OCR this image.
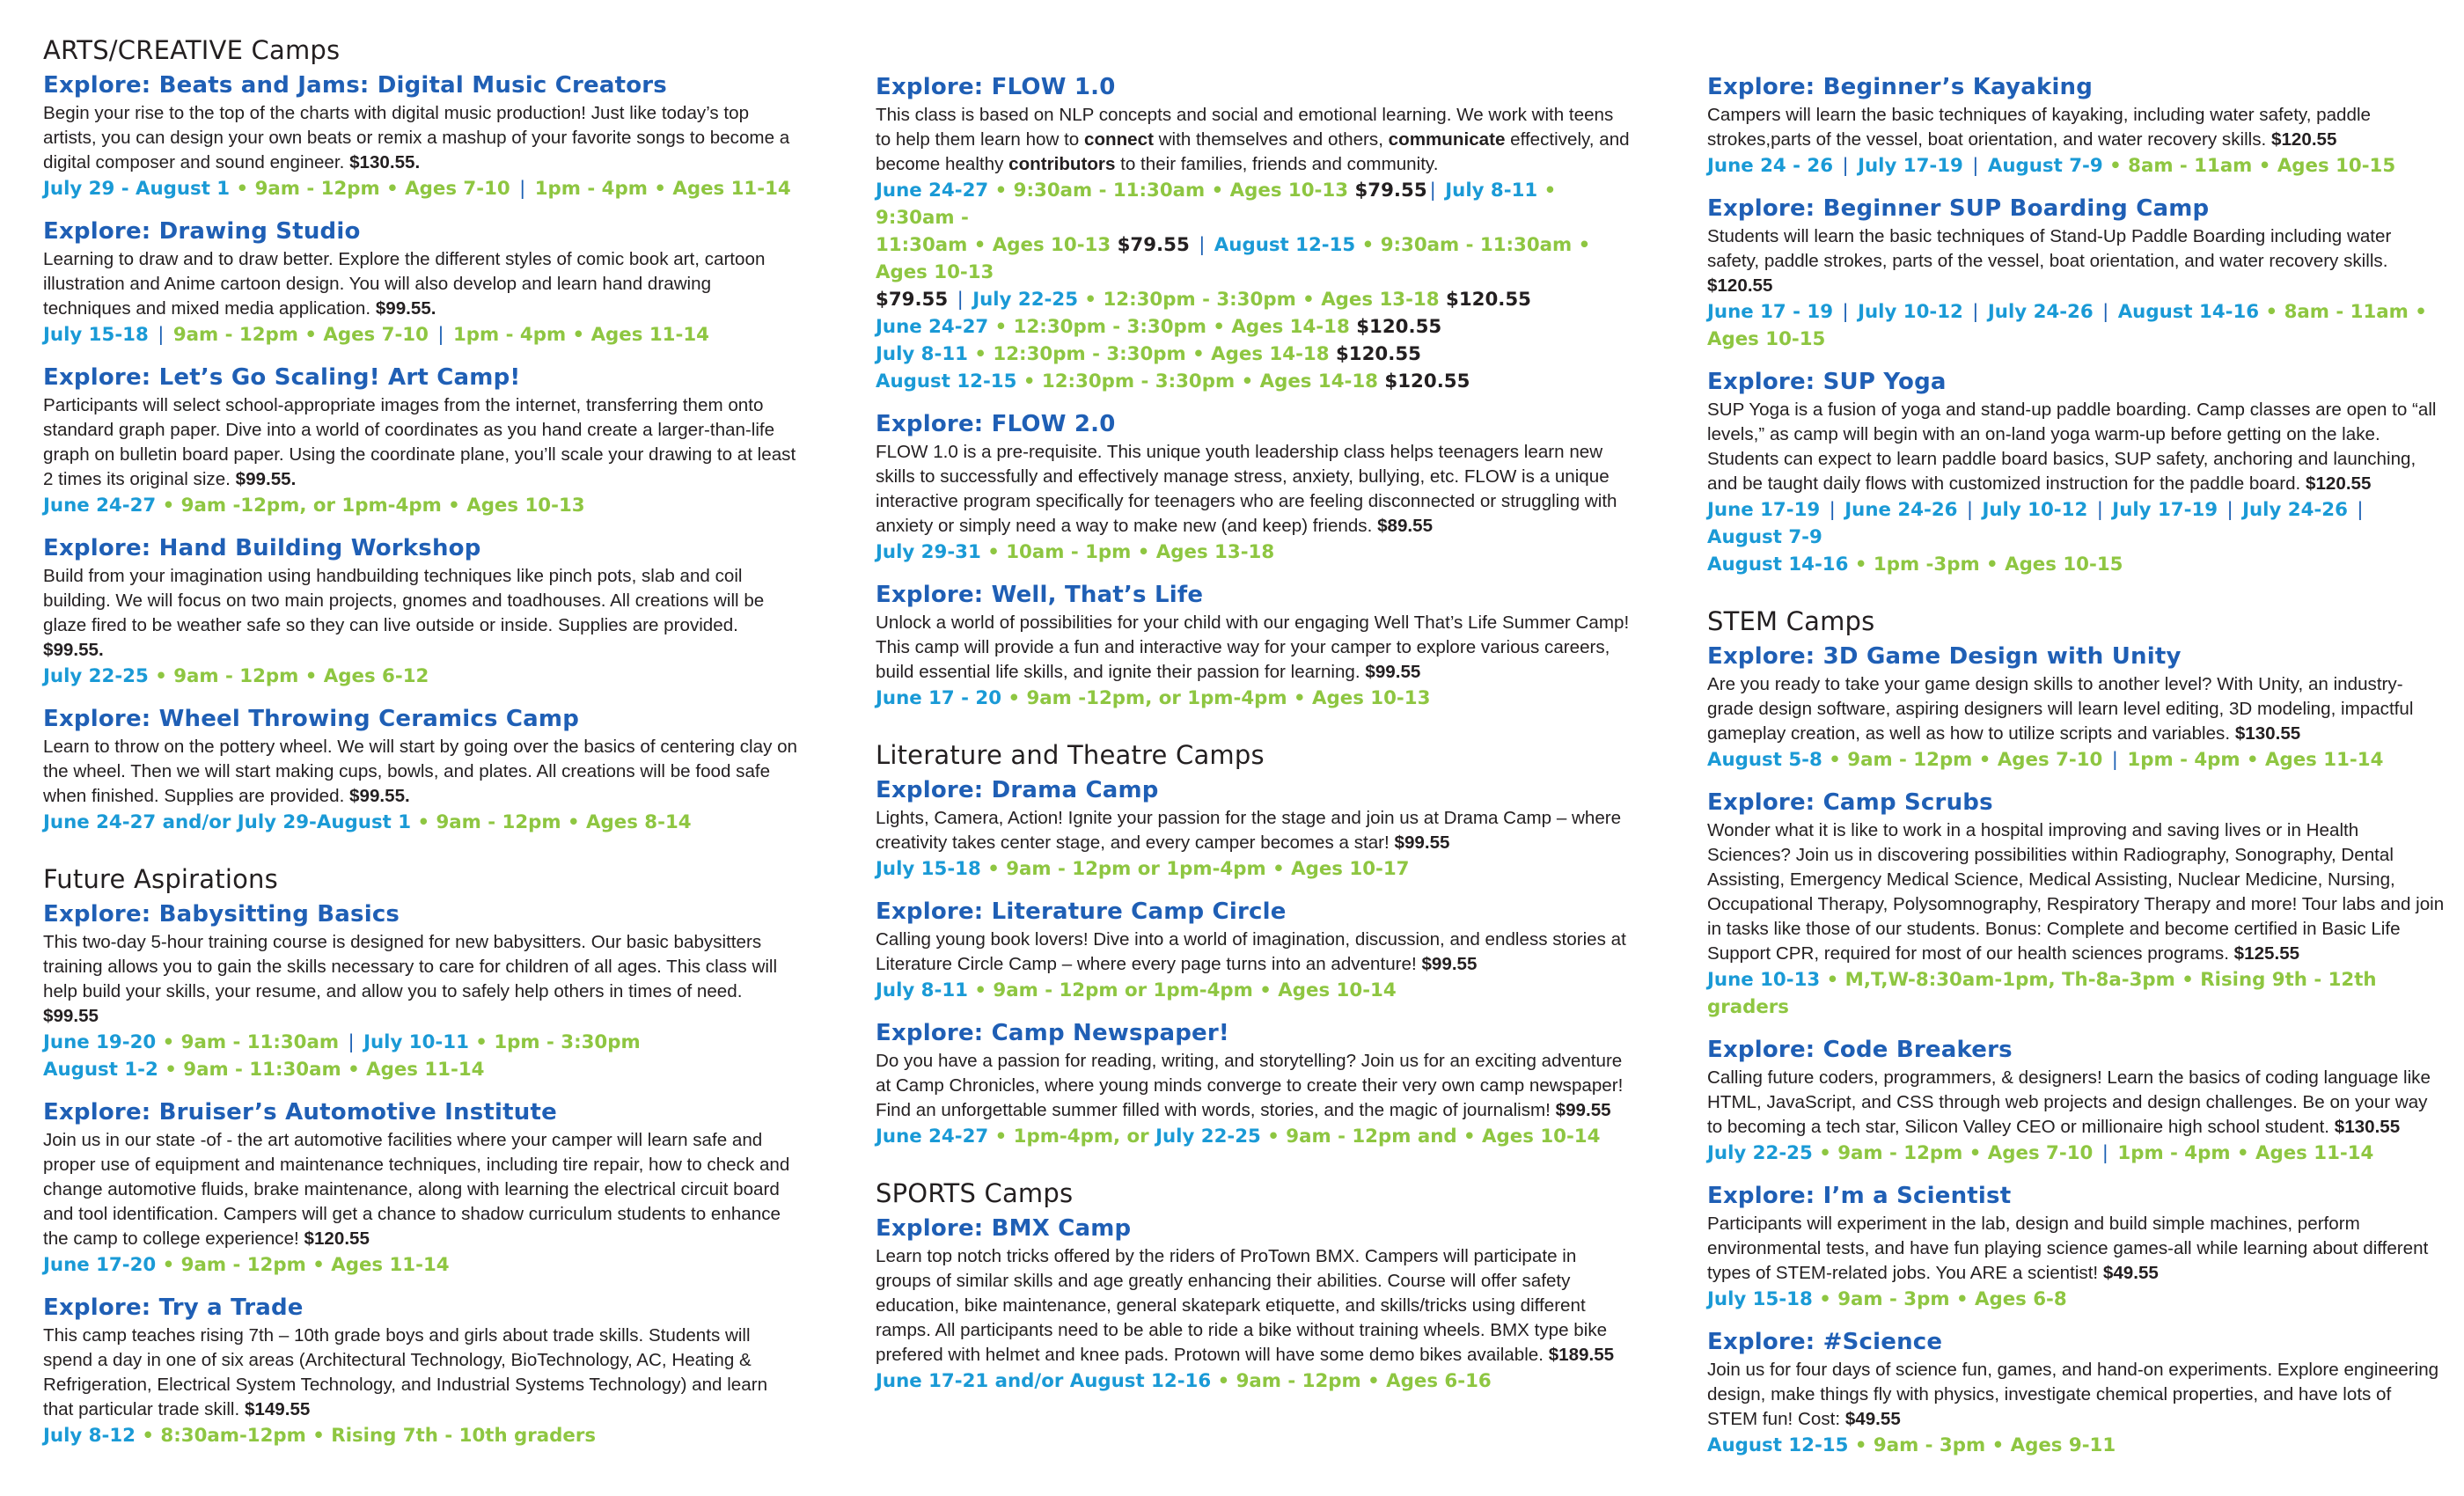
ARTS/CREATIVE Camps
Explore: Beats and Jams: Digital Music Creators

Begin your rise to the top of the charts with digital music production! Just like today’s top artists, you can design your own beats or remix a mashup of your favorite songs to become a digital composer and sound engineer. $130.55.

July 29 - August 1 • 9am - 12pm • Ages 7-10 | 1pm - 4pm • Ages 11-14
Explore: Drawing Studio

Learning to draw and to draw better. Explore the different styles of comic book art, cartoon illustration and Anime cartoon design. You will also develop and learn hand drawing techniques and mixed media application. $99.55.

July 15-18 | 9am - 12pm • Ages 7-10 | 1pm - 4pm • Ages 11-14
Explore: Let’s Go Scaling! Art Camp!

Participants will select school-appropriate images from the internet, transferring them onto standard graph paper. Dive into a world of coordinates as you hand create a larger-than-life graph on bulletin board paper. Using the coordinate plane, you’ll scale your drawing to at least 2 times its original size. $99.55.

June 24-27 • 9am -12pm, or 1pm-4pm • Ages 10-13
Explore: Hand Building Workshop

Build from your imagination using handbuilding techniques like pinch pots, slab and coil building. We will focus on two main projects, gnomes and toadhouses. All creations will be glaze fired to be weather safe so they can live outside or inside. Supplies are provided. $99.55.

July 22-25 • 9am - 12pm • Ages 6-12
Explore: Wheel Throwing Ceramics Camp

Learn to throw on the pottery wheel. We will start by going over the basics of centering clay on the wheel. Then we will start making cups, bowls, and plates. All creations will be food safe when finished. Supplies are provided. $99.55.

June 24-27 and/or July 29-August 1 • 9am - 12pm • Ages 8-14
Future Aspirations
Explore: Babysitting Basics

This two-day 5-hour training course is designed for new babysitters. Our basic babysitters training allows you to gain the skills necessary to care for children of all ages. This class will help build your skills, your resume, and allow you to safely help others in times of need. $99.55

June 19-20 • 9am - 11:30am | July 10-11 • 1pm - 3:30pm
August 1-2 • 9am - 11:30am • Ages 11-14
Explore: Bruiser’s Automotive Institute

Join us in our state -of - the art automotive facilities where your camper will learn safe and proper use of equipment and maintenance techniques, including tire repair, how to check and change automotive fluids, brake maintenance, along with learning the electrical circuit board and tool identification. Campers will get a chance to shadow curriculum students to enhance the camp to college experience! $120.55

June 17-20 • 9am - 12pm • Ages 11-14
Explore: Try a Trade

This camp teaches rising 7th – 10th grade boys and girls about trade skills. Students will spend a day in one of six areas (Architectural Technology, BioTechnology, AC, Heating & Refrigeration, Electrical System Technology, and Industrial Systems Technology) and learn that particular trade skill. $149.55

July 8-12 • 8:30am-12pm • Rising 7th - 10th graders
Explore: FLOW 1.0

This class is based on NLP concepts and social and emotional learning. We work with teens to help them learn how to connect with themselves and others, communicate effectively, and become healthy contributors to their families, friends and community.

June 24-27 • 9:30am - 11:30am • Ages 10-13 $79.55 | July 8-11 • 9:30am -
11:30am • Ages 10-13 $79.55 | August 12-15 • 9:30am - 11:30am • Ages 10-13
$79.55 | July 22-25 • 12:30pm - 3:30pm • Ages 13-18 $120.55
June 24-27 • 12:30pm - 3:30pm • Ages 14-18 $120.55
July 8-11 • 12:30pm - 3:30pm • Ages 14-18 $120.55
August 12-15 • 12:30pm - 3:30pm • Ages 14-18 $120.55
Explore: FLOW 2.0

FLOW 1.0 is a pre-requisite. This unique youth leadership class helps teenagers learn new skills to successfully and effectively manage stress, anxiety, bullying, etc. FLOW is a unique interactive program specifically for teenagers who are feeling disconnected or struggling with anxiety or simply need a way to make new (and keep) friends. $89.55

July 29-31 • 10am - 1pm • Ages 13-18
Explore: Well, That’s Life

Unlock a world of possibilities for your child with our engaging Well That’s Life Summer Camp! This camp will provide a fun and interactive way for your camper to explore various careers, build essential life skills, and ignite their passion for learning. $99.55

June 17 - 20 • 9am -12pm, or 1pm-4pm • Ages 10-13
Literature and Theatre Camps
Explore: Drama Camp

Lights, Camera, Action! Ignite your passion for the stage and join us at Drama Camp – where creativity takes center stage, and every camper becomes a star! $99.55

July 15-18 • 9am - 12pm or 1pm-4pm • Ages 10-17
Explore: Literature Camp Circle

Calling young book lovers! Dive into a world of imagination, discussion, and endless stories at Literature Circle Camp – where every page turns into an adventure! $99.55

July 8-11 • 9am - 12pm or 1pm-4pm • Ages 10-14
Explore: Camp Newspaper!

Do you have a passion for reading, writing, and storytelling? Join us for an exciting adventure at Camp Chronicles, where young minds converge to create their very own camp newspaper! Find an unforgettable summer filled with words, stories, and the magic of journalism! $99.55

June 24-27 • 1pm-4pm, or July 22-25 • 9am - 12pm and • Ages 10-14
SPORTS Camps
Explore: BMX Camp

Learn top notch tricks offered by the riders of ProTown BMX. Campers will participate in groups of similar skills and age greatly enhancing their abilities. Course will offer safety education, bike maintenance, general skatepark etiquette, and skills/tricks using different ramps. All participants need to be able to ride a bike without training wheels. BMX type bike prefered with helmet and knee pads. Protown will have some demo bikes available. $189.55

June 17-21 and/or August 12-16 • 9am - 12pm • Ages 6-16
Explore: Beginner’s Kayaking

Campers will learn the basic techniques of kayaking, including water safety, paddle strokes,parts of the vessel, boat orientation, and water recovery skills. $120.55

June 24 - 26 | July 17-19 | August 7-9 • 8am - 11am • Ages 10-15
Explore: Beginner SUP Boarding Camp

Students will learn the basic techniques of Stand-Up Paddle Boarding including water safety, paddle strokes, parts of the vessel, boat orientation, and water recovery skills. $120.55

June 17 - 19 | July 10-12 | July 24-26 | August 14-16 • 8am - 11am • Ages 10-15
Explore: SUP Yoga

SUP Yoga is a fusion of yoga and stand-up paddle boarding. Camp classes are open to “all levels,” as camp will begin with an on-land yoga warm-up before getting on the lake. Students can expect to learn paddle board basics, SUP safety, anchoring and launching, and be taught daily flows with customized instruction for the paddle board. $120.55

June 17-19 | June 24-26 | July 10-12 | July 17-19 | July 24-26 | August 7-9
August 14-16 • 1pm -3pm • Ages 10-15
STEM Camps
Explore: 3D Game Design with Unity

Are you ready to take your game design skills to another level? With Unity, an industry-grade design software, aspiring designers will learn level editing, 3D modeling, impactful gameplay creation, as well as how to utilize scripts and variables. $130.55

August 5-8 • 9am - 12pm • Ages 7-10 | 1pm - 4pm • Ages 11-14
Explore: Camp Scrubs

Wonder what it is like to work in a hospital improving and saving lives or in Health Sciences? Join us in discovering possibilities within Radiography, Sonography, Dental Assisting, Emergency Medical Science, Medical Assisting, Nuclear Medicine, Nursing, Occupational Therapy, Polysomnography, Respiratory Therapy and more! Tour labs and join in tasks like those of our students. Bonus: Complete and become certified in Basic Life Support CPR, required for most of our health sciences programs. $125.55

June 10-13 • M,T,W-8:30am-1pm, Th-8a-3pm • Rising 9th - 12th graders
Explore: Code Breakers

Calling future coders, programmers, & designers! Learn the basics of coding language like HTML, JavaScript, and CSS through web projects and design challenges. Be on your way to becoming a tech star, Silicon Valley CEO or millionaire high school student. $130.55

July 22-25 • 9am - 12pm • Ages 7-10 | 1pm - 4pm • Ages 11-14
Explore: I’m a Scientist

Participants will experiment in the lab, design and build simple machines, perform environmental tests, and have fun playing science games-all while learning about different types of STEM-related jobs. You ARE a scientist! $49.55

July 15-18 • 9am - 3pm • Ages 6-8
Explore: #Science

Join us for four days of science fun, games, and hand-on experiments. Explore engineering design, make things fly with physics, investigate chemical properties, and have lots of STEM fun! Cost: $49.55

August 12-15 • 9am - 3pm • Ages 9-11
